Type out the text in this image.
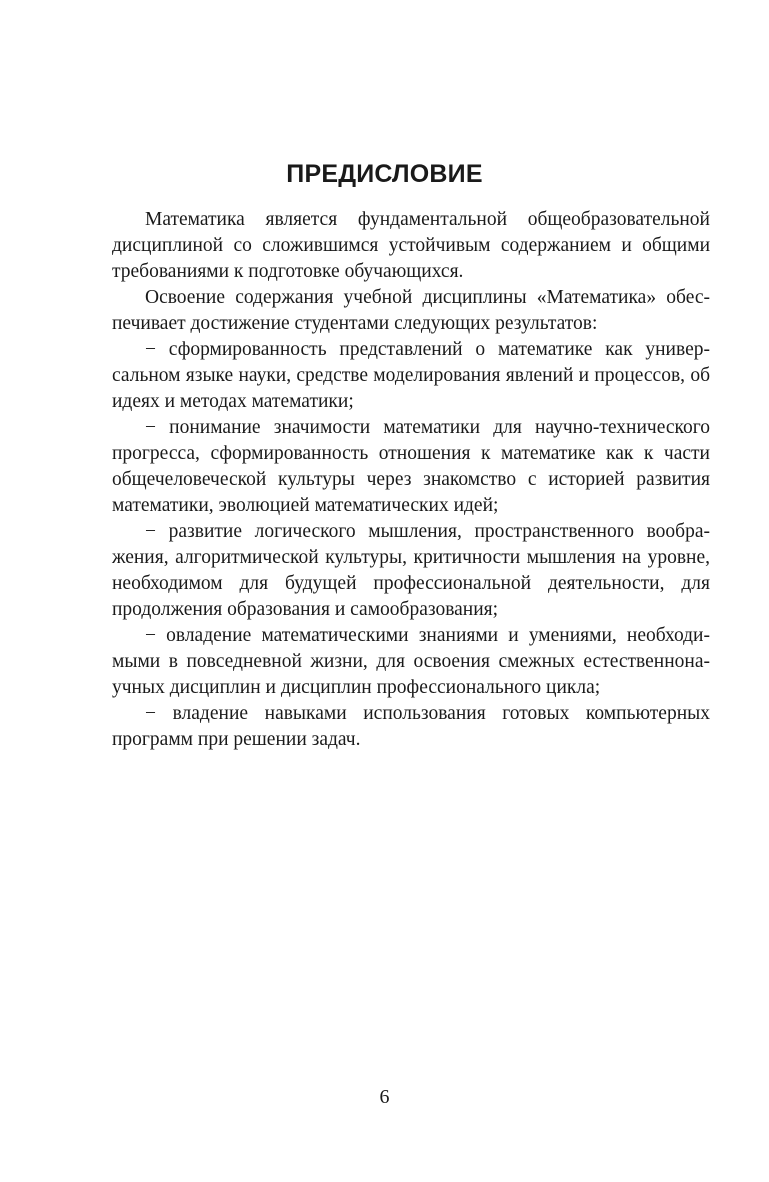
ПРЕДИСЛОВИЕ

Математика является фундаментальной общеобразовательной дисциплиной со сложившимся устойчивым содержанием и общими требованиями к подготовке обучающихся.

Освоение содержания учебной дисциплины «Математика» обеспечивает достижение студентами следующих результатов:

− сформированность представлений о математике как универсальном языке науки, средстве моделирования явлений и процессов, об идеях и методах математики;

− понимание значимости математики для научно-технического прогресса, сформированность отношения к математике как к части общечеловеческой культуры через знакомство с историей развития математики, эволюцией математических идей;

− развитие логического мышления, пространственного воображения, алгоритмической культуры, критичности мышления на уровне, необходимом для будущей профессиональной деятельности, для продолжения образования и самообразования;

− овладение математическими знаниями и умениями, необходимыми в повседневной жизни, для освоения смежных естественнонаучных дисциплин и дисциплин профессионального цикла;

− владение навыками использования готовых компьютерных программ при решении задач.

6
